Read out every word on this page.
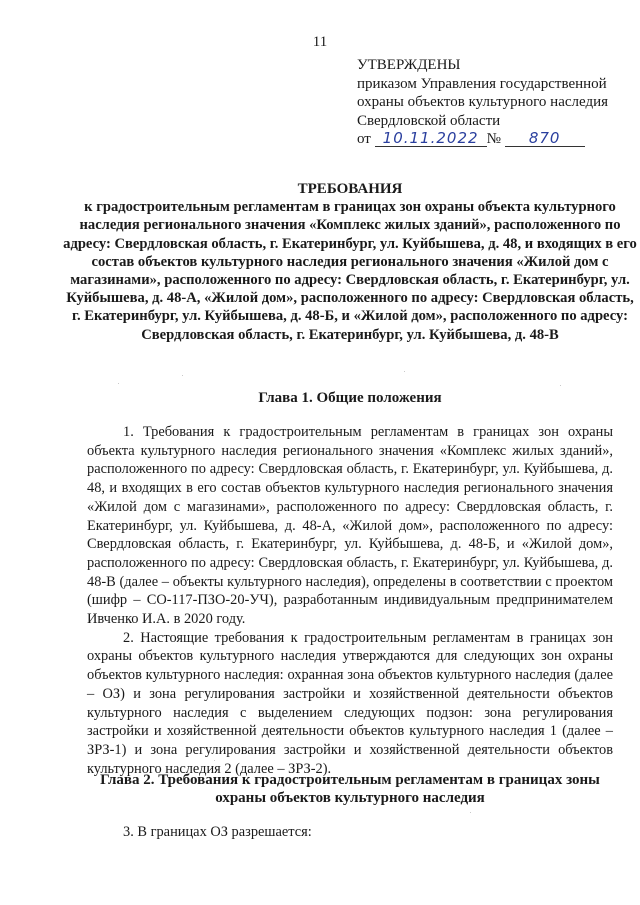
11
УТВЕРЖДЕНЫ
приказом Управления государственной
охраны объектов культурного наследия
Свердловской области
от 10.11.2022 № 870

ТРЕБОВАНИЯ

к градостроительным регламентам в границах зон охраны объекта культурного наследия регионального значения «Комплекс жилых зданий», расположенного по адресу: Свердловская область, г. Екатеринбург, ул. Куйбышева, д. 48, и входящих в его состав объектов культурного наследия регионального значения «Жилой дом с магазинами», расположенного по адресу: Свердловская область, г. Екатеринбург, ул. Куйбышева, д. 48-А, «Жилой дом», расположенного по адресу: Свердловская область, г. Екатеринбург, ул. Куйбышева, д. 48-Б, и «Жилой дом», расположенного по адресу: Свердловская область, г. Екатеринбург, ул. Куйбышева, д. 48-В

Глава 1. Общие положения

1. Требования к градостроительным регламентам в границах зон охраны объекта культурного наследия регионального значения «Комплекс жилых зданий», расположенного по адресу: Свердловская область, г. Екатеринбург, ул. Куйбышева, д. 48, и входящих в его состав объектов культурного наследия регионального значения «Жилой дом с магазинами», расположенного по адресу: Свердловская область, г. Екатеринбург, ул. Куйбышева, д. 48-А, «Жилой дом», расположенного по адресу: Свердловская область, г. Екатеринбург, ул. Куйбышева, д. 48-Б, и «Жилой дом», расположенного по адресу: Свердловская область, г. Екатеринбург, ул. Куйбышева, д. 48-В (далее – объекты культурного наследия), определены в соответствии с проектом (шифр – СО-117-ПЗО-20-УЧ), разработанным индивидуальным предпринимателем Ивченко И.А. в 2020 году.

2. Настоящие требования к градостроительным регламентам в границах зон охраны объектов культурного наследия утверждаются для следующих зон охраны объектов культурного наследия: охранная зона объектов культурного наследия (далее – ОЗ) и зона регулирования застройки и хозяйственной деятельности объектов культурного наследия с выделением следующих подзон: зона регулирования застройки и хозяйственной деятельности объектов культурного наследия 1 (далее – ЗРЗ-1) и зона регулирования застройки и хозяйственной деятельности объектов культурного наследия 2 (далее – ЗРЗ-2).

Глава 2. Требования к градостроительным регламентам в границах зоны
охраны объектов культурного наследия
3. В границах ОЗ разрешается:
